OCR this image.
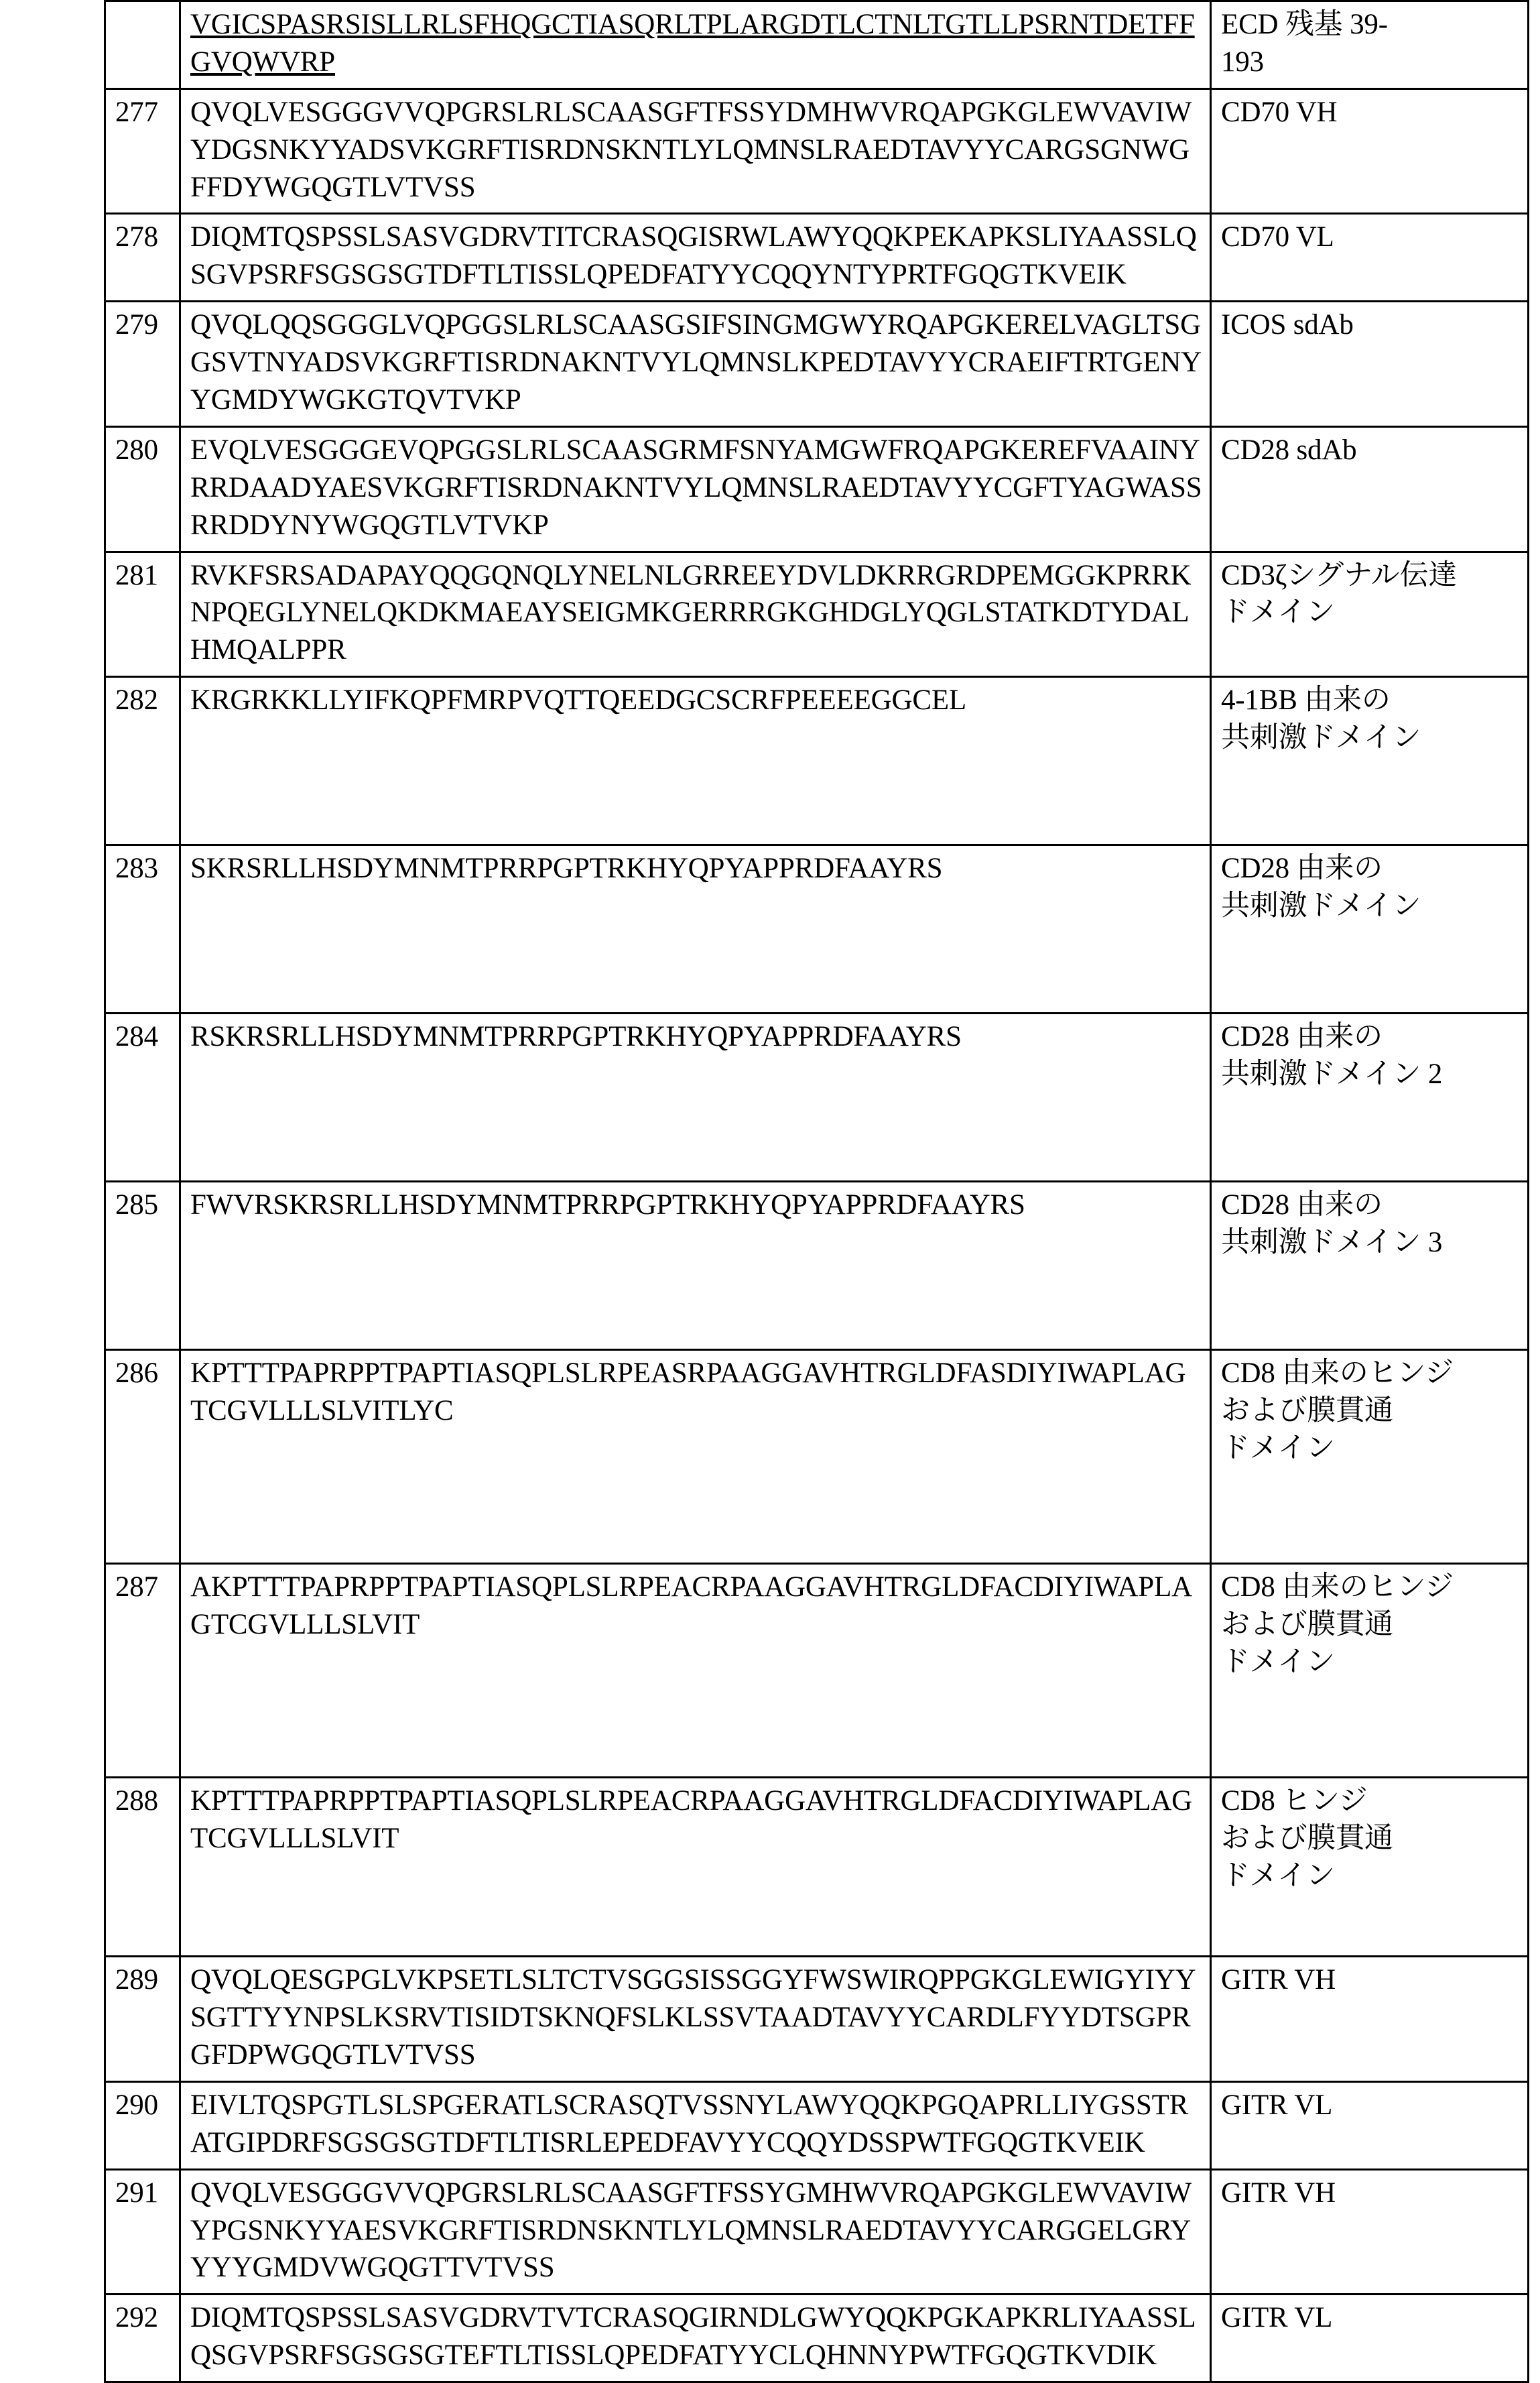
	VGICSPASRSISLLRLSFHQGCTIASQRLTPLARGDTLCTNLTGTLLPSRNTDETFFGVQWVRP	ECD 残基 39-
193

277	QVQLVESGGGVVQPGRSLRLSCAASGFTFSSYDMHWVRQAPGKGLEWVAVIWYDGSNKYYADSVKGRFTISRDNSKNTLYLQMNSLRAEDTAVYYCARGSGNWGFFDYWGQGTLVTVSS	CD70 VH

278	DIQMTQSPSSLSASVGDRVTITCRASQGISRWLAWYQQKPEKAPKSLIYAASSLQSGVPSRFSGSGSGTDFTLTISSLQPEDFATYYCQQYNTYPRTFGQGTKVEIK	CD70 VL

279	QVQLQQSGGGLVQPGGSLRLSCAASGSIFSINGMGWYRQAPGKERELVAGLTSGGSVTNYADSVKGRFTISRDNAKNTVYLQMNSLKPEDTAVYYCRAEIFTRTGENYYGMDYWGKGTQVTVKP	ICOS sdAb

280	EVQLVESGGGEVQPGGSLRLSCAASGRMFSNYAMGWFRQAPGKEREFVAAINYRRDAADYAESVKGRFTISRDNAKNTVYLQMNSLRAEDTAVYYCGFTYAGWASSRRDDYNYWGQGTLVTVKP	CD28 sdAb

281	RVKFSRSADAPAYQQGQNQLYNELNLGRREEYDVLDKRRGRDPEMGGKPRRKNPQEGLYNELQKDKMAEAYSEIGMKGERRRGKGHDGLYQGLSTATKDTYDALHMQALPPR	CD3ζシグナル伝達
ドメイン

282	KRGRKKLLYIFKQPFMRPVQTTQEEDGCSCRFPEEEEGGCEL	4-1BB 由来の
共刺激ドメイン

283	SKRSRLLHSDYMNMTPRRPGPTRKHYQPYAPPRDFAAYRS	CD28 由来の
共刺激ドメイン

284	RSKRSRLLHSDYMNMTPRRPGPTRKHYQPYAPPRDFAAYRS	CD28 由来の
共刺激ドメイン 2

285	FWVRSKRSRLLHSDYMNMTPRRPGPTRKHYQPYAPPRDFAAYRS	CD28 由来の
共刺激ドメイン 3

286	KPTTTPAPRPPTPAPTIASQPLSLRPEASRPAAGGAVHTRGLDFASDIYIWAPLAGTCGVLLLSLVITLYC	CD8 由来のヒンジ
および膜貫通
ドメイン

287	AKPTTTPAPRPPTPAPTIASQPLSLRPEACRPAAGGAVHTRGLDFACDIYIWAPLAGTCGVLLLSLVIT	CD8 由来のヒンジ
および膜貫通
ドメイン

288	KPTTTPAPRPPTPAPTIASQPLSLRPEACRPAAGGAVHTRGLDFACDIYIWAPLAGTCGVLLLSLVIT	CD8 ヒンジ
および膜貫通
ドメイン

289	QVQLQESGPGLVKPSETLSLTCTVSGGSISSGGYFWSWIRQPPGKGLEWIGYIYYSGTTYYNPSLKSRVTISIDTSKNQFSLKLSSVTAADTAVYYCARDLFYYDTSGPRGFDPWGQGTLVTVSS	GITR VH

290	EIVLTQSPGTLSLSPGERATLSCRASQTVSSNYLAWYQQKPGQAPRLLIYGSSTRATGIPDRFSGSGSGTDFTLTISRLEPEDFAVYYCQQYDSSPWTFGQGTKVEIK	GITR VL

291	QVQLVESGGGVVQPGRSLRLSCAASGFTFSSYGMHWVRQAPGKGLEWVAVIWYPGSNKYYAESVKGRFTISRDNSKNTLYLQMNSLRAEDTAVYYCARGGELGRYYYYGMDVWGQGTTVTVSS	GITR VH

292	DIQMTQSPSSLSASVGDRVTVTCRASQGIRNDLGWYQQKPGKAPKRLIYAASSLQSGVPSRFSGSGSGTEFTLTISSLQPEDFATYYCLQHNNYPWTFGQGTKVDIK	GITR VL
